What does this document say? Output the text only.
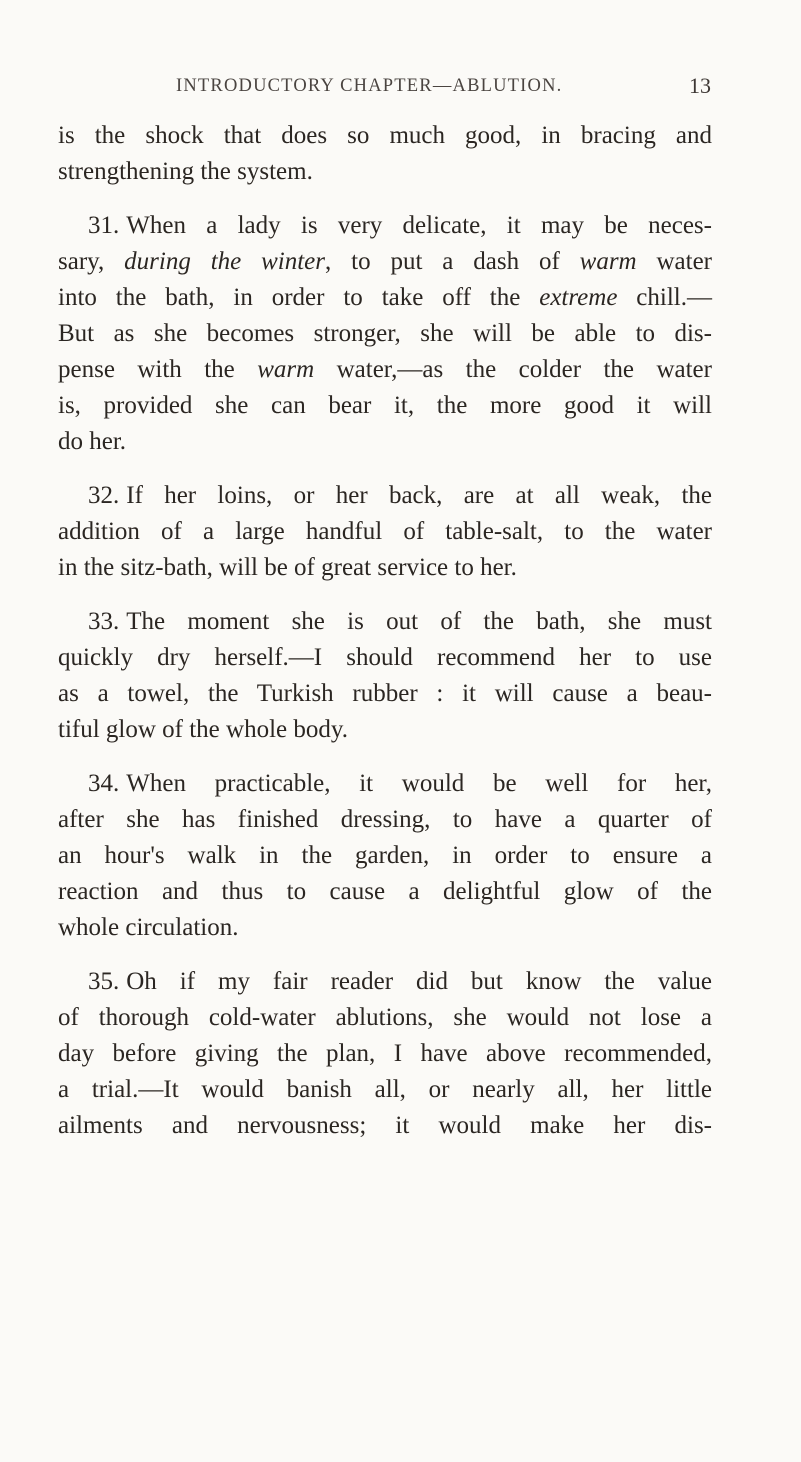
INTRODUCTORY CHAPTER—ABLUTION.	13

is the shock that does so much good, in bracing and
strengthening the system.

31. When a lady is very delicate, it may be neces-
sary, during the winter, to put a dash of warm water
into the bath, in order to take off the extreme chill.—
But as she becomes stronger, she will be able to dis-
pense with the warm water,—as the colder the water
is, provided she can bear it, the more good it will
do her.

32. If her loins, or her back, are at all weak, the
addition of a large handful of table-salt, to the water
in the sitz-bath, will be of great service to her.

33. The moment she is out of the bath, she must
quickly dry herself.—I should recommend her to use
as a towel, the Turkish rubber : it will cause a beau-
tiful glow of the whole body.

34. When practicable, it would be well for her,
after she has finished dressing, to have a quarter of
an hour's walk in the garden, in order to ensure a
reaction and thus to cause a delightful glow of the
whole circulation.

35. Oh if my fair reader did but know the value
of thorough cold-water ablutions, she would not lose a
day before giving the plan, I have above recommended,
a trial.—It would banish all, or nearly all, her little
ailments and nervousness; it would make her dis-
